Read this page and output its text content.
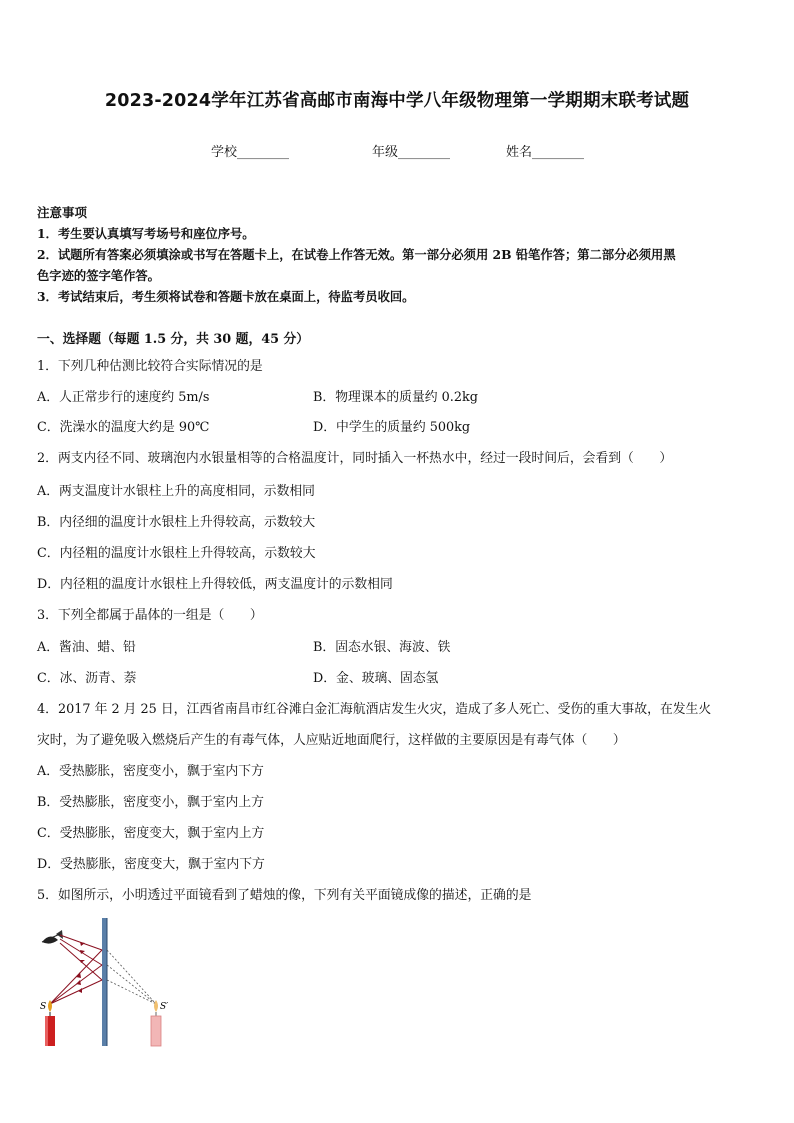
2023-2024学年江苏省高邮市南海中学八年级物理第一学期期末联考试题
学校________	年级________	姓名________
注意事项
1．考生要认真填写考场号和座位序号。
2．试题所有答案必须填涂或书写在答题卡上，在试卷上作答无效。第一部分必须用 2B 铅笔作答；第二部分必须用黑
色字迹的签字笔作答。
3．考试结束后，考生须将试卷和答题卡放在桌面上，待监考员收回。
一、选择题（每题 1.5 分，共 30 题，45 分）
1．下列几种估测比较符合实际情况的是
A．人正常步行的速度约 5m/s	B．物理课本的质量约 0.2kg
C．洗澡水的温度大约是 90℃	D．中学生的质量约 500kg
2．两支内径不同、玻璃泡内水银量相等的合格温度计，同时插入一杯热水中，经过一段时间后，会看到（　　）
A．两支温度计水银柱上升的高度相同，示数相同
B．内径细的温度计水银柱上升得较高，示数较大
C．内径粗的温度计水银柱上升得较高，示数较大
D．内径粗的温度计水银柱上升得较低，两支温度计的示数相同
3．下列全都属于晶体的一组是（　　）
A．酱油、蜡、铅	B．固态水银、海波、铁
C．冰、沥青、萘	D．金、玻璃、固态氢
4．2017 年 2 月 25 日，江西省南昌市红谷滩白金汇海航酒店发生火灾，造成了多人死亡、受伤的重大事故，在发生火
灾时，为了避免吸入燃烧后产生的有毒气体，人应贴近地面爬行，这样做的主要原因是有毒气体（　　）
A．受热膨胀，密度变小，飘于室内下方
B．受热膨胀，密度变小，飘于室内上方
C．受热膨胀，密度变大，飘于室内上方
D．受热膨胀，密度变大，飘于室内下方
5．如图所示，小明透过平面镜看到了蜡烛的像，下列有关平面镜成像的描述，正确的是
S	S′
